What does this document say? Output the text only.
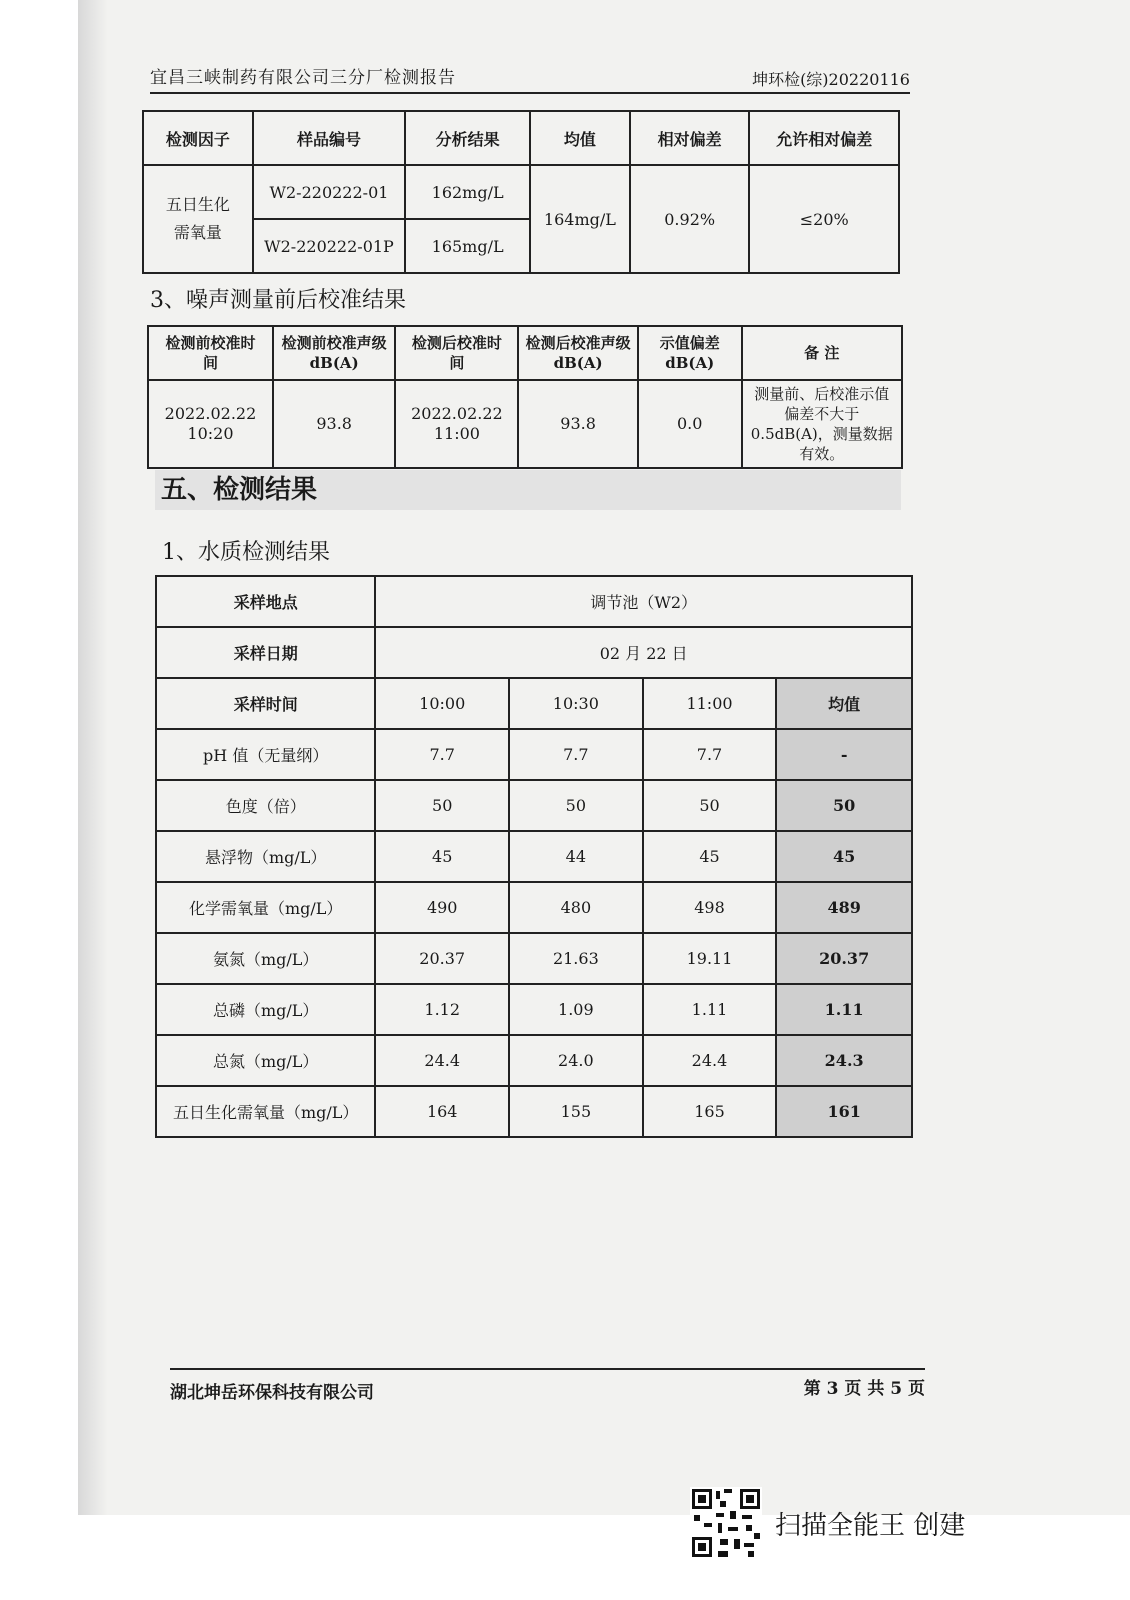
宜昌三峡制药有限公司三分厂检测报告	坤环检(综)20220116
检测因子	样品编号	分析结果	均值	相对偏差	允许相对偏差
五日生化需氧量	W2-220222-01	162mg/L	164mg/L	0.92%	≤20%
	W2-220222-01P	165mg/L			
3、噪声测量前后校准结果
检测前校准时间	检测前校准声级 dB(A)	检测后校准时间	检测后校准声级 dB(A)	示值偏差 dB(A)	备 注
2022.02.22 10:20	93.8	2022.02.22 11:00	93.8	0.0	测量前、后校准示值偏差不大于0.5dB(A)，测量数据有效。
五、检测结果
1、水质检测结果
采样地点	调节池（W2）			
采样日期	02 月 22 日			
采样时间	10:00	10:30	11:00	均值
pH 值（无量纲）	7.7	7.7	7.7	-
色度（倍）	50	50	50	50
悬浮物（mg/L）	45	44	45	45
化学需氧量（mg/L）	490	480	498	489
氨氮（mg/L）	20.37	21.63	19.11	20.37
总磷（mg/L）	1.12	1.09	1.11	1.11
总氮（mg/L）	24.4	24.0	24.4	24.3
五日生化需氧量（mg/L）	164	155	165	161
湖北坤岳环保科技有限公司	第 3 页 共 5 页
扫描全能王 创建
